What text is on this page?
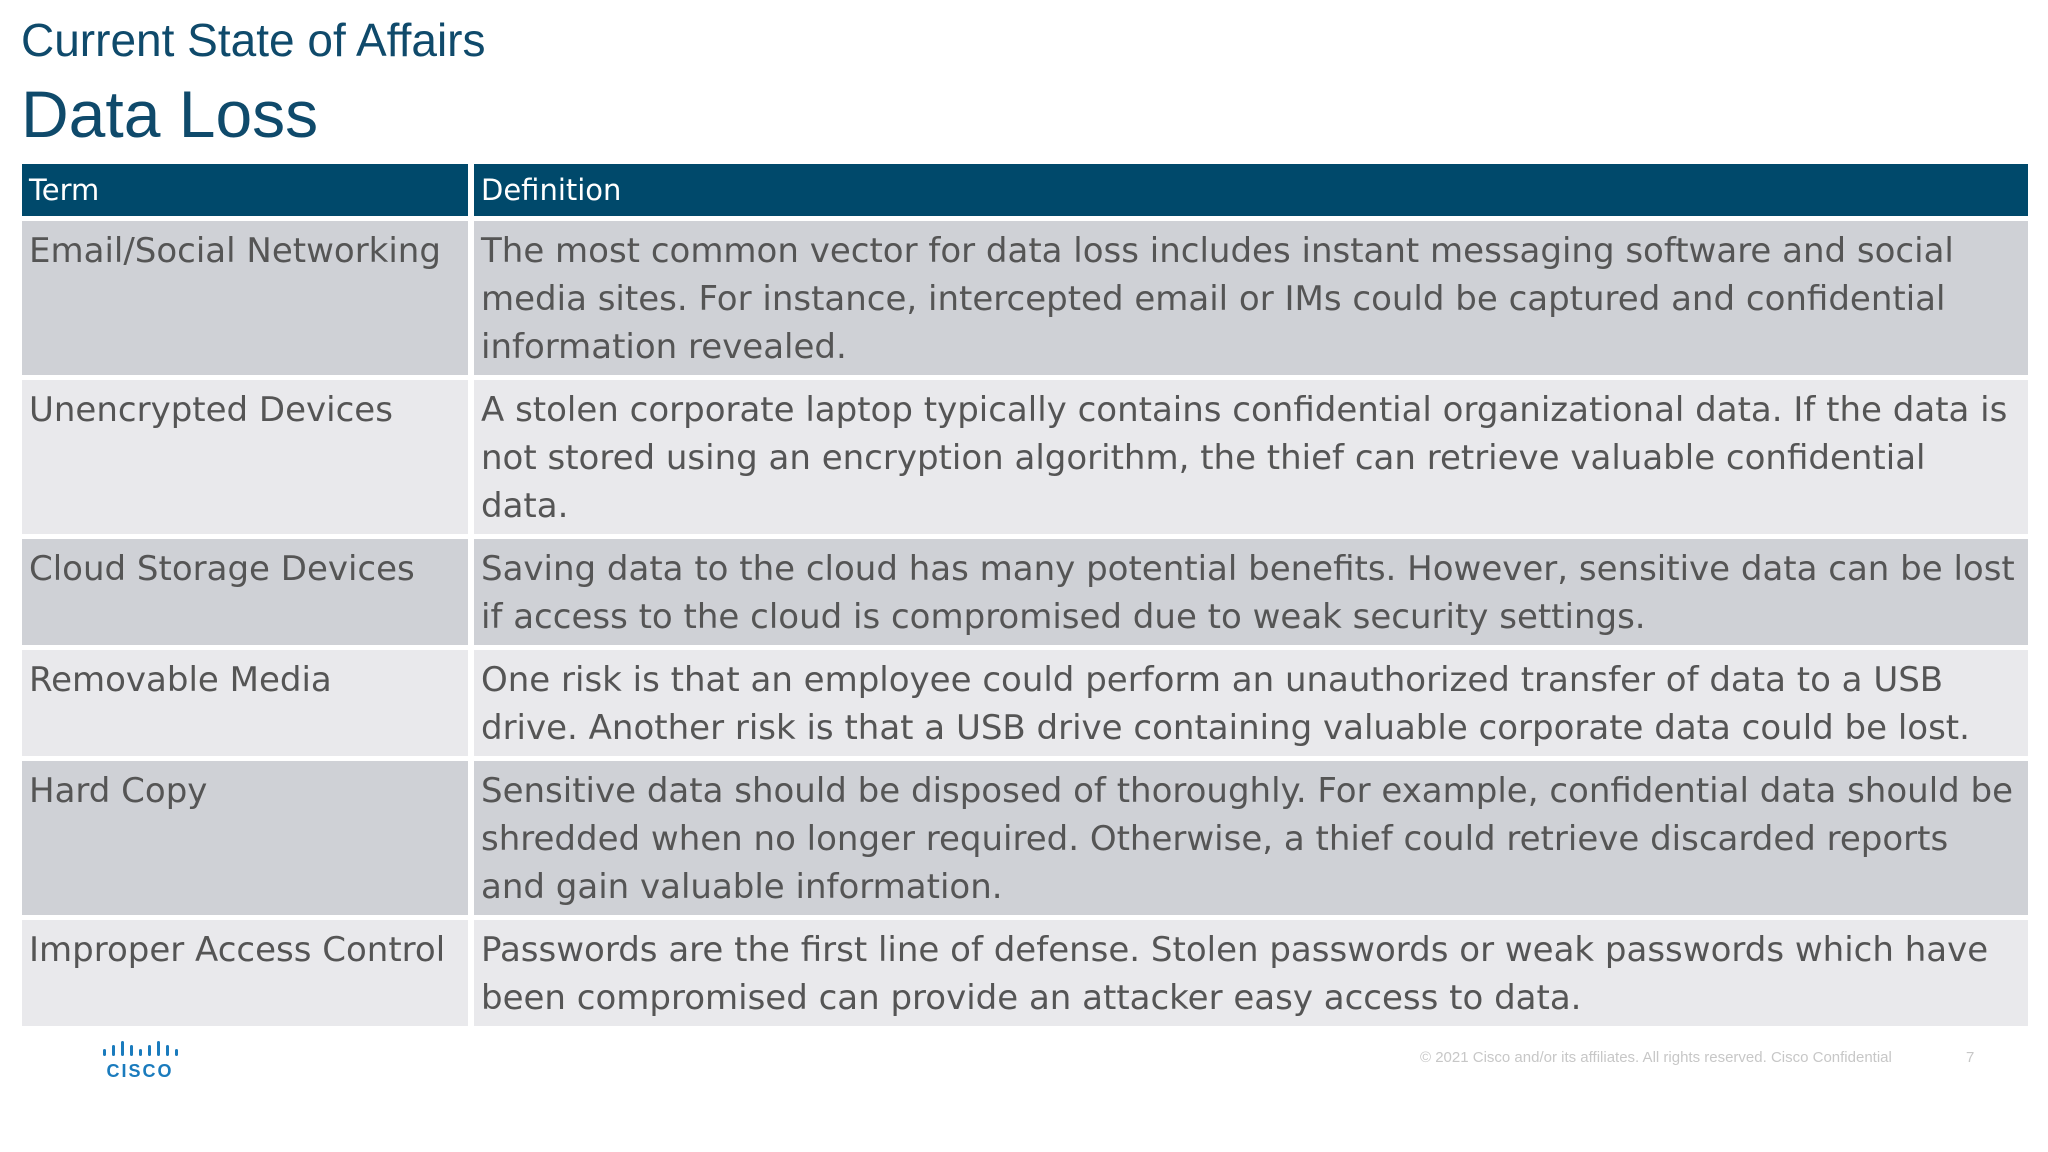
Current State of Affairs
Data Loss
Term	Definition
Email/Social Networking	The most common vector for data loss includes instant messaging software and social media sites. For instance, intercepted email or IMs could be captured and confidential information revealed.
Unencrypted Devices	A stolen corporate laptop typically contains confidential organizational data. If the data is not stored using an encryption algorithm, the thief can retrieve valuable confidential data.
Cloud Storage Devices	Saving data to the cloud has many potential benefits. However, sensitive data can be lost if access to the cloud is compromised due to weak security settings.
Removable Media	One risk is that an employee could perform an unauthorized transfer of data to a USB drive. Another risk is that a USB drive containing valuable corporate data could be lost.
Hard Copy	Sensitive data should be disposed of thoroughly. For example, confidential data should be shredded when no longer required. Otherwise, a thief could retrieve discarded reports and gain valuable information.
Improper Access Control	Passwords are the first line of defense. Stolen passwords or weak passwords which have been compromised can provide an attacker easy access to data.
CISCO
© 2021 Cisco and/or its affiliates. All rights reserved. Cisco Confidential	7
